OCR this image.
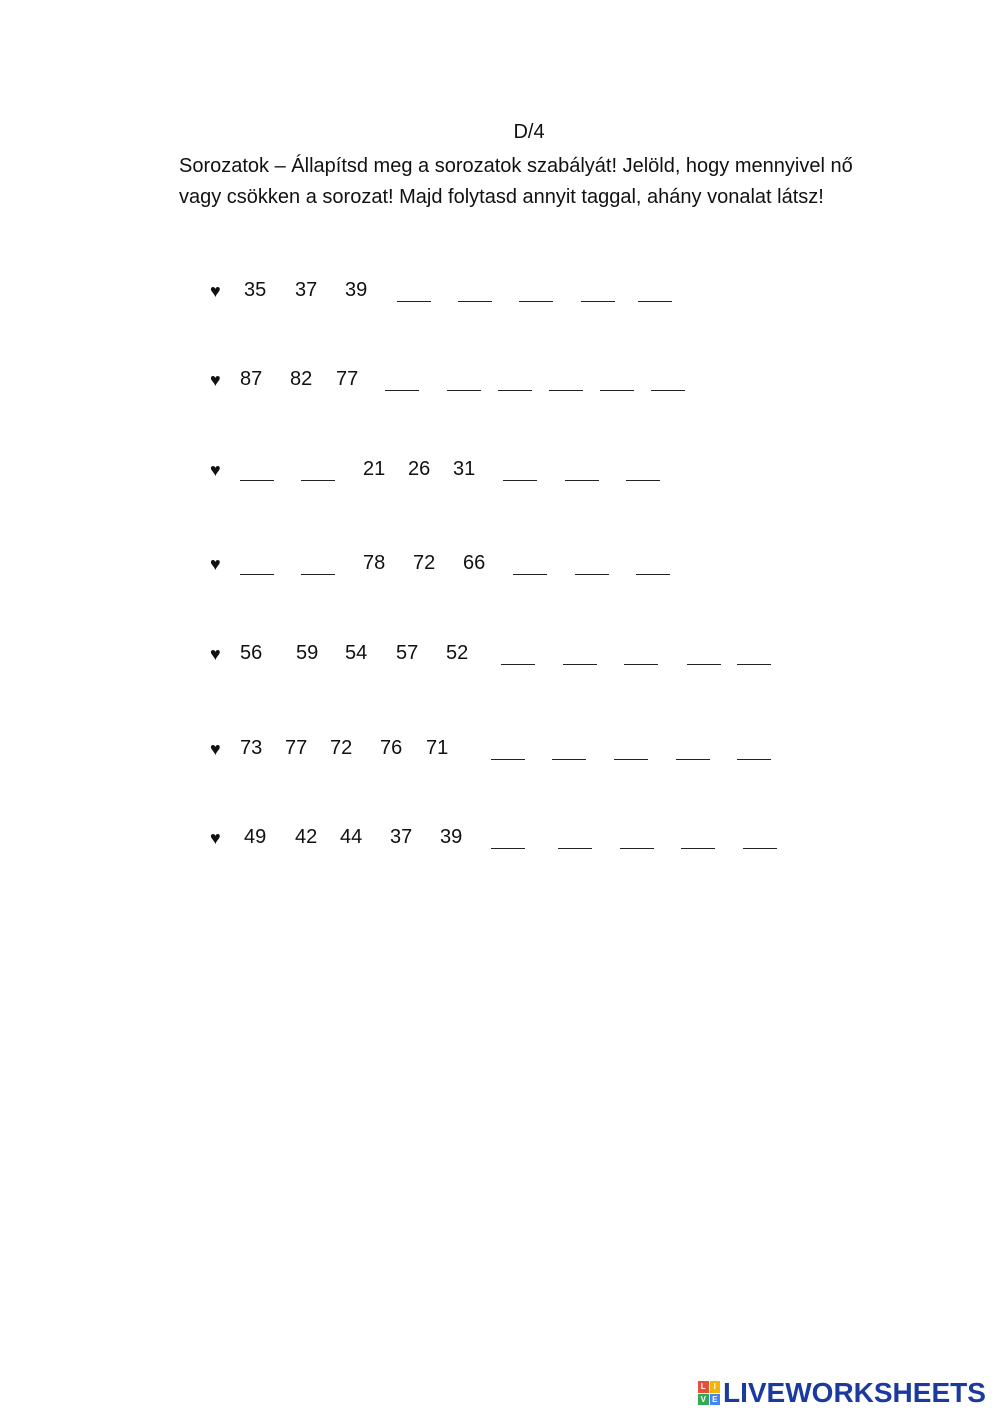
D/4
Sorozatok – Állapítsd meg a sorozatok szabályát! Jelöld, hogy mennyivel nő vagy csökken a sorozat! Majd folytasd annyit taggal, ahány vonalat látsz!
♥ 35 37 39
♥ 87 82 77
♥	21 26 31
♥	78 72 66
♥ 56 59 54 57 52
♥ 73 77 72 76 71
♥ 49 42 44 37 39
L I
V E LIVEWORKSHEETS
